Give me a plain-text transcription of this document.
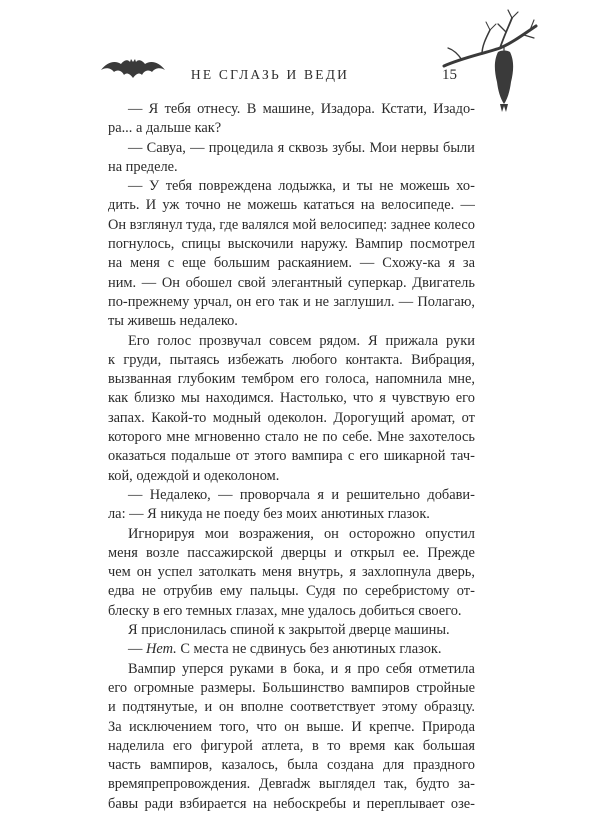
НЕ СГЛАЗЬ И ВЕДИ	15
— Я тебя отнесу. В машине, Изадора. Кстати, Изадо-
ра... а дальше как?
— Савуа, — процедила я сквозь зубы. Мои нервы были
на пределе.
— У тебя повреждена лодыжка, и ты не можешь хо-
дить. И уж точно не можешь кататься на велосипеде. —
Он взглянул туда, где валялся мой велосипед: заднее колесо
погнулось, спицы выскочили наружу. Вампир посмотрел
на меня с еще большим раскаянием. — Схожу-ка я за
ним. — Он обошел свой элегантный суперкар. Двигатель
по-прежнему урчал, он его так и не заглушил. — Полагаю,
ты живешь недалеко.
Его голос прозвучал совсем рядом. Я прижала руки
к груди, пытаясь избежать любого контакта. Вибрация,
вызванная глубоким тембром его голоса, напомнила мне,
как близко мы находимся. Настолько, что я чувствую его
запах. Какой-то модный одеколон. Дорогущий аромат, от
которого мне мгновенно стало не по себе. Мне захотелось
оказаться подальше от этого вампира с его шикарной тач-
кой, одеждой и одеколоном.
— Недалеко, — проворчала я и решительно добави-
ла: — Я никуда не поеду без моих анютиных глазок.
Игнорируя мои возражения, он осторожно опустил
меня возле пассажирской дверцы и открыл ее. Прежде
чем он успел затолкать меня внутрь, я захлопнула дверь,
едва не отрубив ему пальцы. Судя по серебристому от-
блеску в его темных глазах, мне удалось добиться своего.
Я прислонилась спиной к закрытой дверце машины.
— Нет. С места не сдвинусь без анютиных глазок.
Вампир уперся руками в бока, и я про себя отметила
его огромные размеры. Большинство вампиров стройные
и подтянутые, и он вполне соответствует этому образцу.
За исключением того, что он выше. И крепче. Природа
наделила его фигурой атлета, в то время как большая
часть вампиров, казалось, была создана для праздного
времяпрепровождения. Девradж выглядел так, будто за-
бавы ради взбирается на небоскребы и переплывает озе-
